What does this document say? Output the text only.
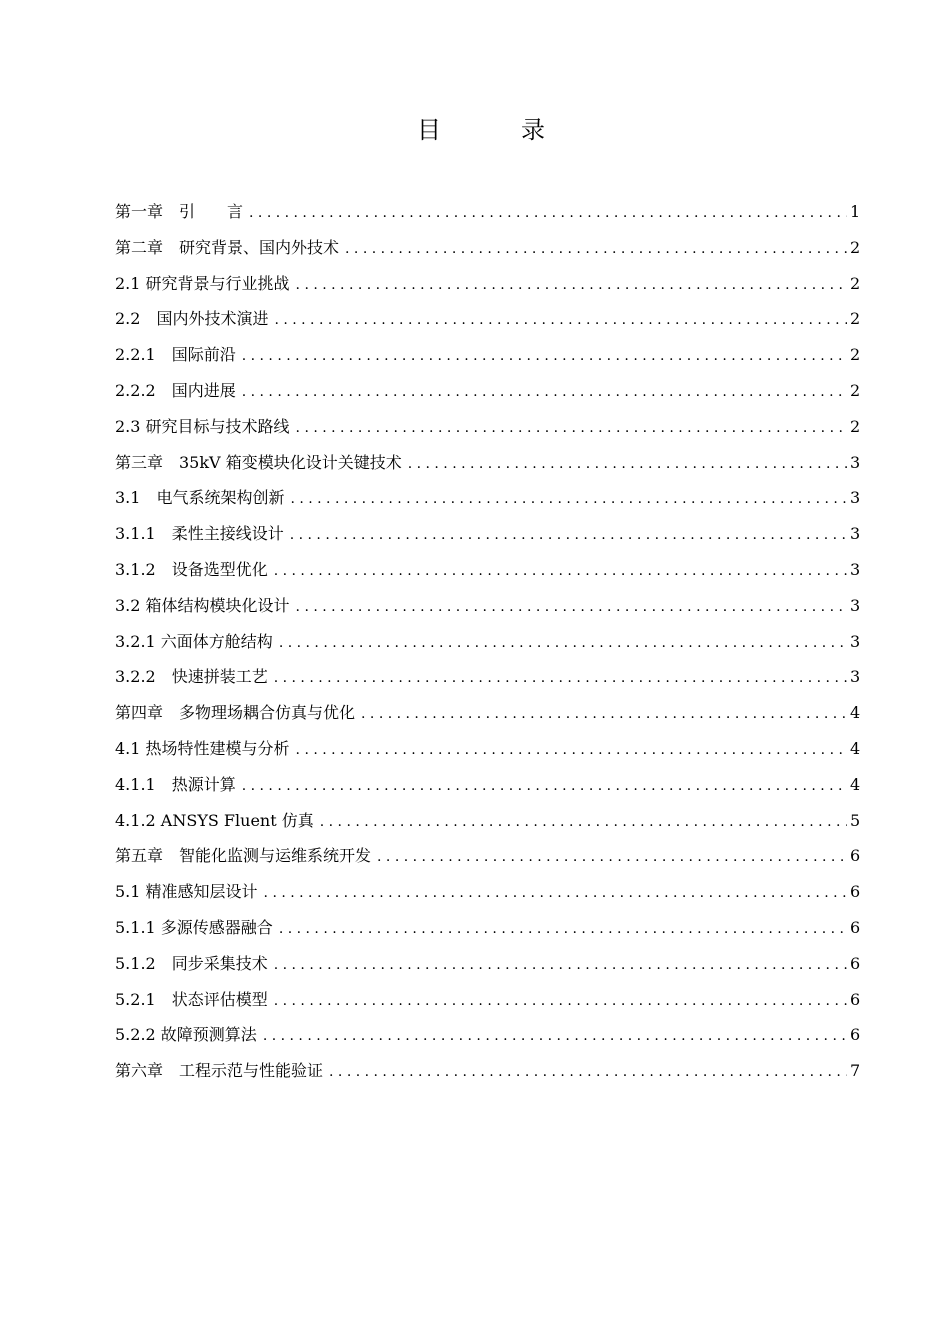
目　录
第一章　引　　言 . . .	1
第二章　研究背景、国内外技术 . . .	2
2.1 研究背景与行业挑战 . . .	2
2.2　国内外技术演进 . . .	2
2.2.1　国际前沿 . . .	2
2.2.2　国内进展 . . .	2
2.3 研究目标与技术路线 . . .	2
第三章　35kV 箱变模块化设计关键技术 . . .	3
3.1　电气系统架构创新 . . .	3
3.1.1　柔性主接线设计 . . .	3
3.1.2　设备选型优化 . . .	3
3.2 箱体结构模块化设计 . . .	3
3.2.1 六面体方舱结构 . . .	3
3.2.2　快速拼装工艺 . . .	3
第四章　多物理场耦合仿真与优化 . . .	4
4.1 热场特性建模与分析 . . .	4
4.1.1　热源计算 . . .	4
4.1.2 ANSYS Fluent 仿真 . . .	5
第五章　智能化监测与运维系统开发 . . .	6
5.1 精准感知层设计 . . .	6
5.1.1 多源传感器融合 . . .	6
5.1.2　同步采集技术 . . .	6
5.2.1　状态评估模型 . . .	6
5.2.2 故障预测算法 . . .	6
第六章　工程示范与性能验证 . . .	7
